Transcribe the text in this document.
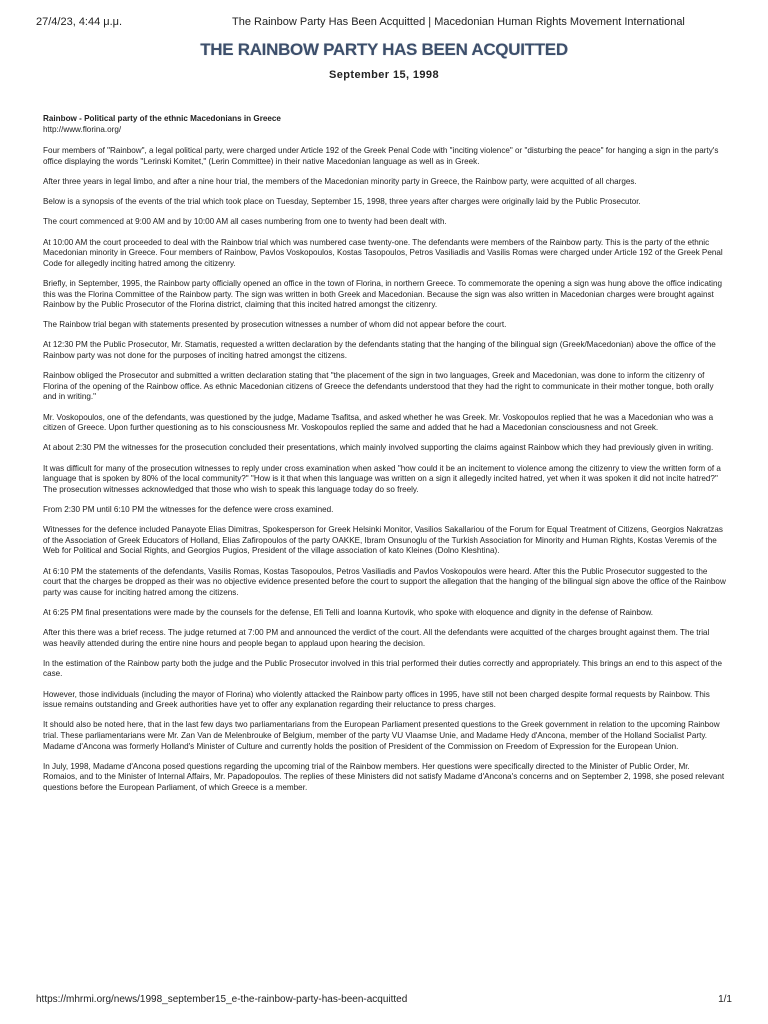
27/4/23, 4:44 μ.μ.	The Rainbow Party Has Been Acquitted | Macedonian Human Rights Movement International
THE RAINBOW PARTY HAS BEEN ACQUITTED
September 15, 1998

Rainbow - Political party of the ethnic Macedonians in Greece

http://www.florina.org/

Four members of "Rainbow", a legal political party, were charged under Article 192 of the Greek Penal Code with "inciting violence" or "disturbing the peace" for hanging a sign in the party's office displaying the words "Lerinski Komitet," (Lerin Committee) in their native Macedonian language as well as in Greek.

After three years in legal limbo, and after a nine hour trial, the members of the Macedonian minority party in Greece, the Rainbow party, were acquitted of all charges.

Below is a synopsis of the events of the trial which took place on Tuesday, September 15, 1998, three years after charges were originally laid by the Public Prosecutor.

The court commenced at 9:00 AM and by 10:00 AM all cases numbering from one to twenty had been dealt with.

At 10:00 AM the court proceeded to deal with the Rainbow trial which was numbered case twenty-one. The defendants were members of the Rainbow party. This is the party of the ethnic Macedonian minority in Greece. Four members of Rainbow, Pavlos Voskopoulos, Kostas Tasopoulos, Petros Vasiliadis and Vasilis Romas were charged under Article 192 of the Greek Penal Code for allegedly inciting hatred among the citizenry.

Briefly, in September, 1995, the Rainbow party officially opened an office in the town of Florina, in northern Greece. To commemorate the opening a sign was hung above the office indicating this was the Florina Committee of the Rainbow party. The sign was written in both Greek and Macedonian. Because the sign was also written in Macedonian charges were brought against Rainbow by the Public Prosecutor of the Florina district, claiming that this incited hatred amongst the citizenry.

The Rainbow trial began with statements presented by prosecution witnesses a number of whom did not appear before the court.

At 12:30 PM the Public Prosecutor, Mr. Stamatis, requested a written declaration by the defendants stating that the hanging of the bilingual sign (Greek/Macedonian) above the office of the Rainbow party was not done for the purposes of inciting hatred amongst the citizens.

Rainbow obliged the Prosecutor and submitted a written declaration stating that "the placement of the sign in two languages, Greek and Macedonian, was done to inform the citizenry of Florina of the opening of the Rainbow office. As ethnic Macedonian citizens of Greece the defendants understood that they had the right to communicate in their mother tongue, both orally and in writing."

Mr. Voskopoulos, one of the defendants, was questioned by the judge, Madame Tsafitsa, and asked whether he was Greek. Mr. Voskopoulos replied that he was a Macedonian who was a citizen of Greece. Upon further questioning as to his consciousness Mr. Voskopoulos replied the same and added that he had a Macedonian consciousness and not Greek.

At about 2:30 PM the witnesses for the prosecution concluded their presentations, which mainly involved supporting the claims against Rainbow which they had previously given in writing.

It was difficult for many of the prosecution witnesses to reply under cross examination when asked "how could it be an incitement to violence among the citizenry to view the written form of a language that is spoken by 80% of the local community?" "How is it that when this language was written on a sign it allegedly incited hatred, yet when it was spoken it did not incite hatred?" The prosecution witnesses acknowledged that those who wish to speak this language today do so freely.

From 2:30 PM until 6:10 PM the witnesses for the defence were cross examined.

Witnesses for the defence included Panayote Elias Dimitras, Spokesperson for Greek Helsinki Monitor, Vasilios Sakallariou of the Forum for Equal Treatment of Citizens, Georgios Nakratzas of the Association of Greek Educators of Holland, Elias Zafiropoulos of the party OAKKE, Ibram Onsunoglu of the Turkish Association for Minority and Human Rights, Kostas Veremis of the Web for Political and Social Rights, and Georgios Pugios, President of the village association of kato Kleines (Dolno Kleshtina).

At 6:10 PM the statements of the defendants, Vasilis Romas, Kostas Tasopoulos, Petros Vasiliadis and Pavlos Voskopoulos were heard. After this the Public Prosecutor suggested to the court that the charges be dropped as their was no objective evidence presented before the court to support the allegation that the hanging of the bilingual sign above the office of the Rainbow party was cause for inciting hatred among the citizens.

At 6:25 PM final presentations were made by the counsels for the defense, Efi Telli and Ioanna Kurtovik, who spoke with eloquence and dignity in the defense of Rainbow.

After this there was a brief recess. The judge returned at 7:00 PM and announced the verdict of the court. All the defendants were acquitted of the charges brought against them. The trial was heavily attended during the entire nine hours and people began to applaud upon hearing the decision.

In the estimation of the Rainbow party both the judge and the Public Prosecutor involved in this trial performed their duties correctly and appropriately. This brings an end to this aspect of the case.

However, those individuals (including the mayor of Florina) who violently attacked the Rainbow party offices in 1995, have still not been charged despite formal requests by Rainbow. This issue remains outstanding and Greek authorities have yet to offer any explanation regarding their reluctance to press charges.

It should also be noted here, that in the last few days two parliamentarians from the European Parliament presented questions to the Greek government in relation to the upcoming Rainbow trial. These parliamentarians were Mr. Zan Van de Melenbrouke of Belgium, member of the party VU Vlaamse Unie, and Madame Hedy d'Ancona, member of the Holland Socialist Party. Madame d'Ancona was formerly Holland's Minister of Culture and currently holds the position of President of the Commission on Freedom of Expression for the European Union.

In July, 1998, Madame d'Ancona posed questions regarding the upcoming trial of the Rainbow members. Her questions were specifically directed to the Minister of Public Order, Mr. Romaios, and to the Minister of Internal Affairs, Mr. Papadopoulos. The replies of these Ministers did not satisfy Madame d'Ancona's concerns and on September 2, 1998, she posed relevant questions before the European Parliament, of which Greece is a member.

https://mhrmi.org/news/1998_september15_e-the-rainbow-party-has-been-acquitted	1/1
